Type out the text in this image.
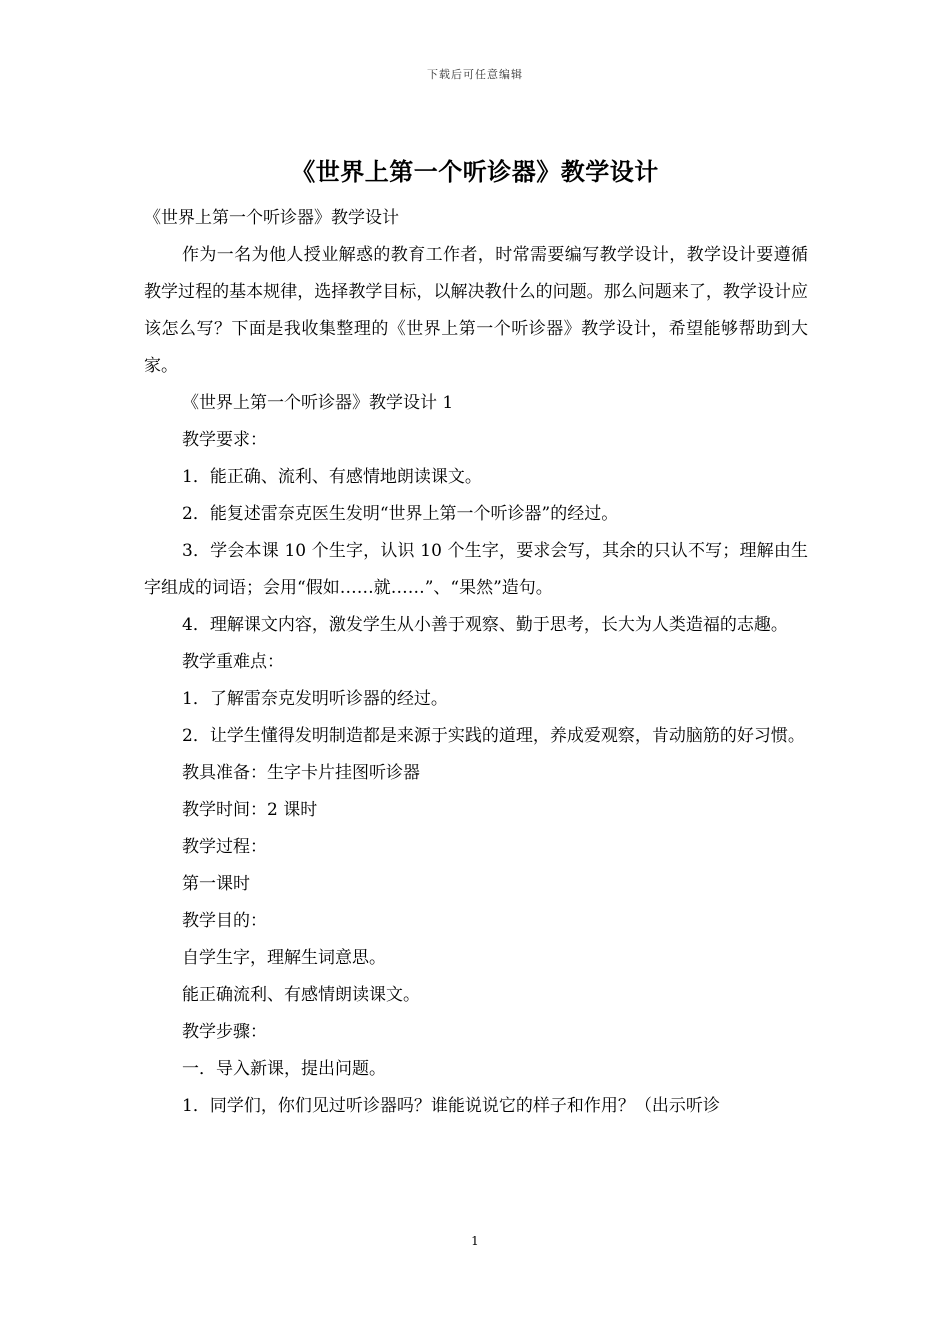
下载后可任意编辑
《世界上第一个听诊器》教学设计

《世界上第一个听诊器》教学设计

作为一名为他人授业解惑的教育工作者，时常需要编写教学设计，教学设计要遵循教学过程的基本规律，选择教学目标，以解决教什么的问题。那么问题来了，教学设计应该怎么写？下面是我收集整理的《世界上第一个听诊器》教学设计，希望能够帮助到大家。

《世界上第一个听诊器》教学设计 1

教学要求：

1．能正确、流利、有感情地朗读课文。

2．能复述雷奈克医生发明“世界上第一个听诊器”的经过。

3．学会本课 10 个生字，认识 10 个生字，要求会写，其余的只认不写；理解由生字组成的词语；会用“假如……就……”、“果然”造句。

4．理解课文内容，激发学生从小善于观察、勤于思考，长大为人类造福的志趣。

教学重难点：

1．了解雷奈克发明听诊器的经过。

2．让学生懂得发明制造都是来源于实践的道理，养成爱观察，肯动脑筋的好习惯。

教具准备：生字卡片挂图听诊器

教学时间：2 课时

教学过程：

第一课时

教学目的：

自学生字，理解生词意思。

能正确流利、有感情朗读课文。

教学步骤：

一．导入新课，提出问题。

1．同学们，你们见过听诊器吗？谁能说说它的样子和作用？（出示听诊

1
